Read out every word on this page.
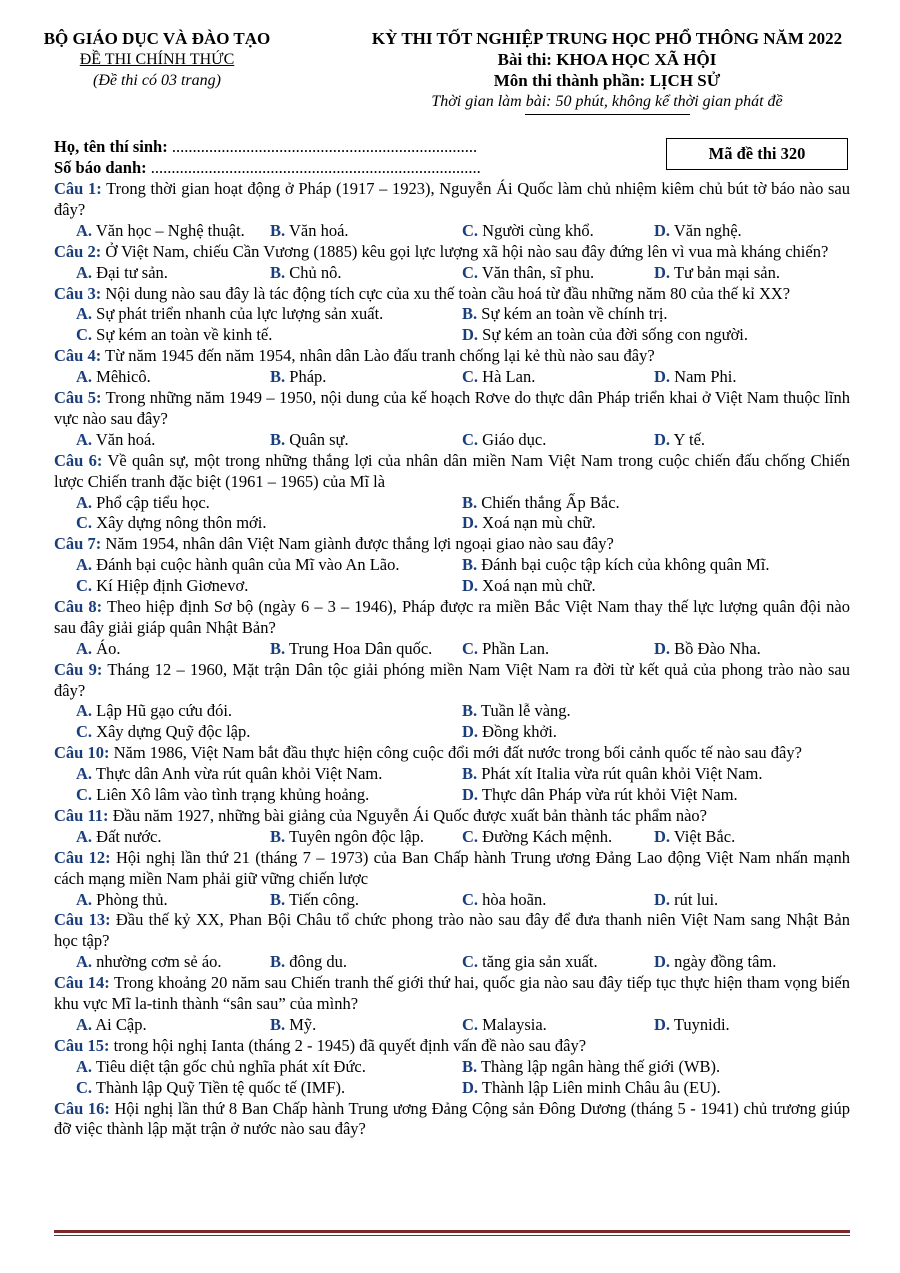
BỘ GIÁO DỤC VÀ ĐÀO TẠO
ĐỀ THI CHÍNH THỨC
(Đề thi có 03 trang)
KỲ THI TỐT NGHIỆP TRUNG HỌC PHỔ THÔNG NĂM 2022
Bài thi: KHOA HỌC XÃ HỘI
Môn thi thành phần: LỊCH SỬ
Thời gian làm bài: 50 phút, không kể thời gian phát đề
Họ, tên thí sinh: ..........................................................................
Số báo danh: ................................................................................
Mã đề thi 320
Câu 1: Trong thời gian hoạt động ở Pháp (1917 – 1923), Nguyễn Ái Quốc làm chủ nhiệm kiêm chủ bút tờ báo nào sau đây?
A. Văn học – Nghệ thuật. B. Văn hoá.	C. Người cùng khổ.	D. Văn nghệ.
Câu 2: Ở Việt Nam, chiếu Cần Vương (1885) kêu gọi lực lượng xã hội nào sau đây đứng lên vì vua mà kháng chiến?
A. Đại tư sản.	B. Chủ nô.	C. Văn thân, sĩ phu.	D. Tư bản mại sản.
Câu 3: Nội dung nào sau đây là tác động tích cực của xu thế toàn cầu hoá từ đầu những năm 80 của thế kỉ XX?
A. Sự phát triển nhanh của lực lượng sản xuất.	B. Sự kém an toàn về chính trị.
C. Sự kém an toàn về kinh tế.	D. Sự kém an toàn của đời sống con người.
Câu 4: Từ năm 1945 đến năm 1954, nhân dân Lào đấu tranh chống lại kẻ thù nào sau đây?
A. Mêhicô.	B. Pháp.	C. Hà Lan.	D. Nam Phi.
Câu 5: Trong những năm 1949 – 1950, nội dung của kế hoạch Rơve do thực dân Pháp triển khai ở Việt Nam thuộc lĩnh vực nào sau đây?
A. Văn hoá.	B. Quân sự.	C. Giáo dục.	D. Y tế.
Câu 6: Về quân sự, một trong những thắng lợi của nhân dân miền Nam Việt Nam trong cuộc chiến đấu chống Chiến lược Chiến tranh đặc biệt (1961 – 1965) của Mĩ là
A. Phổ cập tiểu học.	B. Chiến thắng Ấp Bắc.
C. Xây dựng nông thôn mới.	D. Xoá nạn mù chữ.
Câu 7: Năm 1954, nhân dân Việt Nam giành được thắng lợi ngoại giao nào sau đây?
A. Đánh bại cuộc hành quân của Mĩ vào An Lão.	B. Đánh bại cuộc tập kích của không quân Mĩ.
C. Kí Hiệp định Giơnevơ.	D. Xoá nạn mù chữ.
Câu 8: Theo hiệp định Sơ bộ (ngày 6 – 3 – 1946), Pháp được ra miền Bắc Việt Nam thay thế lực lượng quân đội nào sau đây giải giáp quân Nhật Bản?
A. Áo.	B. Trung Hoa Dân quốc. C. Phần Lan.	D. Bồ Đào Nha.
Câu 9: Tháng 12 – 1960, Mặt trận Dân tộc giải phóng miền Nam Việt Nam ra đời từ kết quả của phong trào nào sau đây?
A. Lập Hũ gạo cứu đói.	B. Tuần lễ vàng.
C. Xây dựng Quỹ độc lập.	D. Đồng khởi.
Câu 10: Năm 1986, Việt Nam bắt đầu thực hiện công cuộc đổi mới đất nước trong bối cảnh quốc tế nào sau đây?
A. Thực dân Anh vừa rút quân khỏi Việt Nam.	B. Phát xít Italia vừa rút quân khỏi Việt Nam.
C. Liên Xô lâm vào tình trạng khủng hoảng.	D. Thực dân Pháp vừa rút khỏi Việt Nam.
Câu 11: Đầu năm 1927, những bài giảng của Nguyễn Ái Quốc được xuất bản thành tác phẩm nào?
A. Đất nước.	B. Tuyên ngôn độc lập. C. Đường Kách mệnh.	D. Việt Bắc.
Câu 12: Hội nghị lần thứ 21 (tháng 7 – 1973) của Ban Chấp hành Trung ương Đảng Lao động Việt Nam nhấn mạnh cách mạng miền Nam phải giữ vững chiến lược
A. Phòng thủ.	B. Tiến công.	C. hòa hoãn.	D. rút lui.
Câu 13: Đầu thế kỷ XX, Phan Bội Châu tổ chức phong trào nào sau đây để đưa thanh niên Việt Nam sang Nhật Bản học tập?
A. nhường cơm sẻ áo.	B. đông du.	C. tăng gia sản xuất.	D. ngày đồng tâm.
Câu 14: Trong khoảng 20 năm sau Chiến tranh thế giới thứ hai, quốc gia nào sau đây tiếp tục thực hiện tham vọng biến khu vực Mĩ la-tinh thành “sân sau” của mình?
A. Ai Cập.	B. Mỹ.	C. Malaysia.	D. Tuynidi.
Câu 15: trong hội nghị Ianta (tháng 2 - 1945) đã quyết định vấn đề nào sau đây?
A. Tiêu diệt tận gốc chủ nghĩa phát xít Đức.	B. Thàng lập ngân hàng thế giới (WB).
C. Thành lập Quỹ Tiền tệ quốc tế (IMF).	D. Thành lập Liên minh Châu âu (EU).
Câu 16: Hội nghị lần thứ 8 Ban Chấp hành Trung ương Đảng Cộng sản Đông Dương (tháng 5 - 1941) chủ trương giúp đỡ việc thành lập mặt trận ở nước nào sau đây?
